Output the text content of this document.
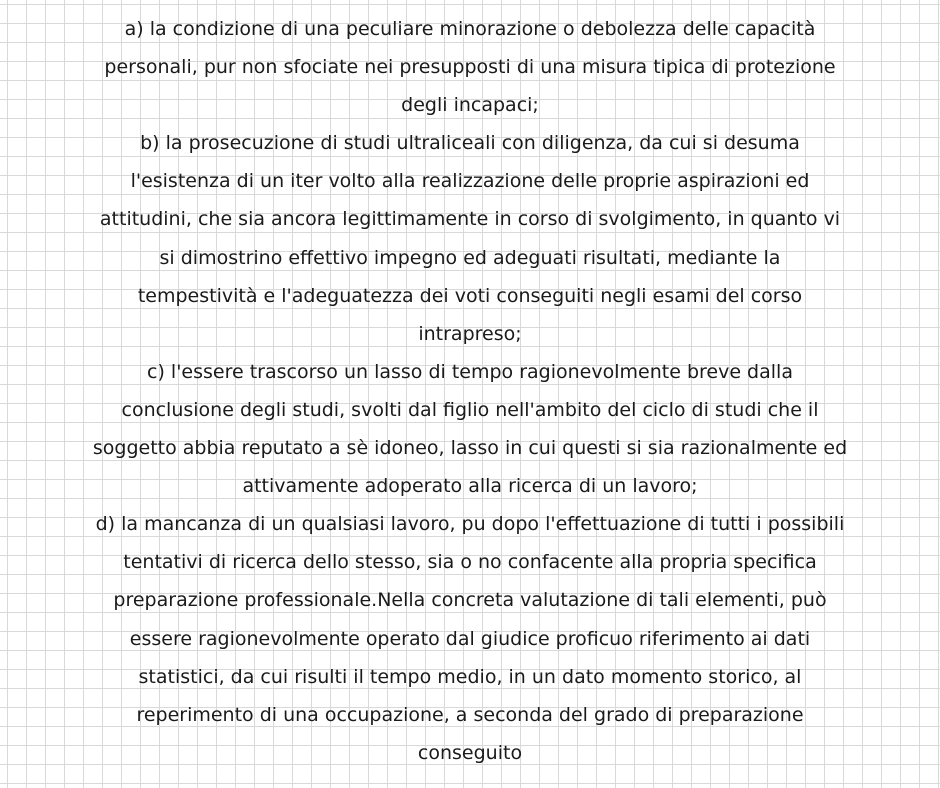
a) la condizione di una peculiare minorazione o debolezza delle capacità
personali, pur non sfociate nei presupposti di una misura tipica di protezione
degli incapaci;
b) la prosecuzione di studi ultraliceali con diligenza, da cui si desuma
l'esistenza di un iter volto alla realizzazione delle proprie aspirazioni ed
attitudini, che sia ancora legittimamente in corso di svolgimento, in quanto vi
si dimostrino effettivo impegno ed adeguati risultati, mediante la
tempestività e l'adeguatezza dei voti conseguiti negli esami del corso
intrapreso;
c) l'essere trascorso un lasso di tempo ragionevolmente breve dalla
conclusione degli studi, svolti dal figlio nell'ambito del ciclo di studi che il
soggetto abbia reputato a sè idoneo, lasso in cui questi si sia razionalmente ed
attivamente adoperato alla ricerca di un lavoro;
d) la mancanza di un qualsiasi lavoro, pu dopo l'effettuazione di tutti i possibili
tentativi di ricerca dello stesso, sia o no confacente alla propria specifica
preparazione professionale.Nella concreta valutazione di tali elementi, può
essere ragionevolmente operato dal giudice proficuo riferimento ai dati
statistici, da cui risulti il tempo medio, in un dato momento storico, al
reperimento di una occupazione, a seconda del grado di preparazione
conseguito
